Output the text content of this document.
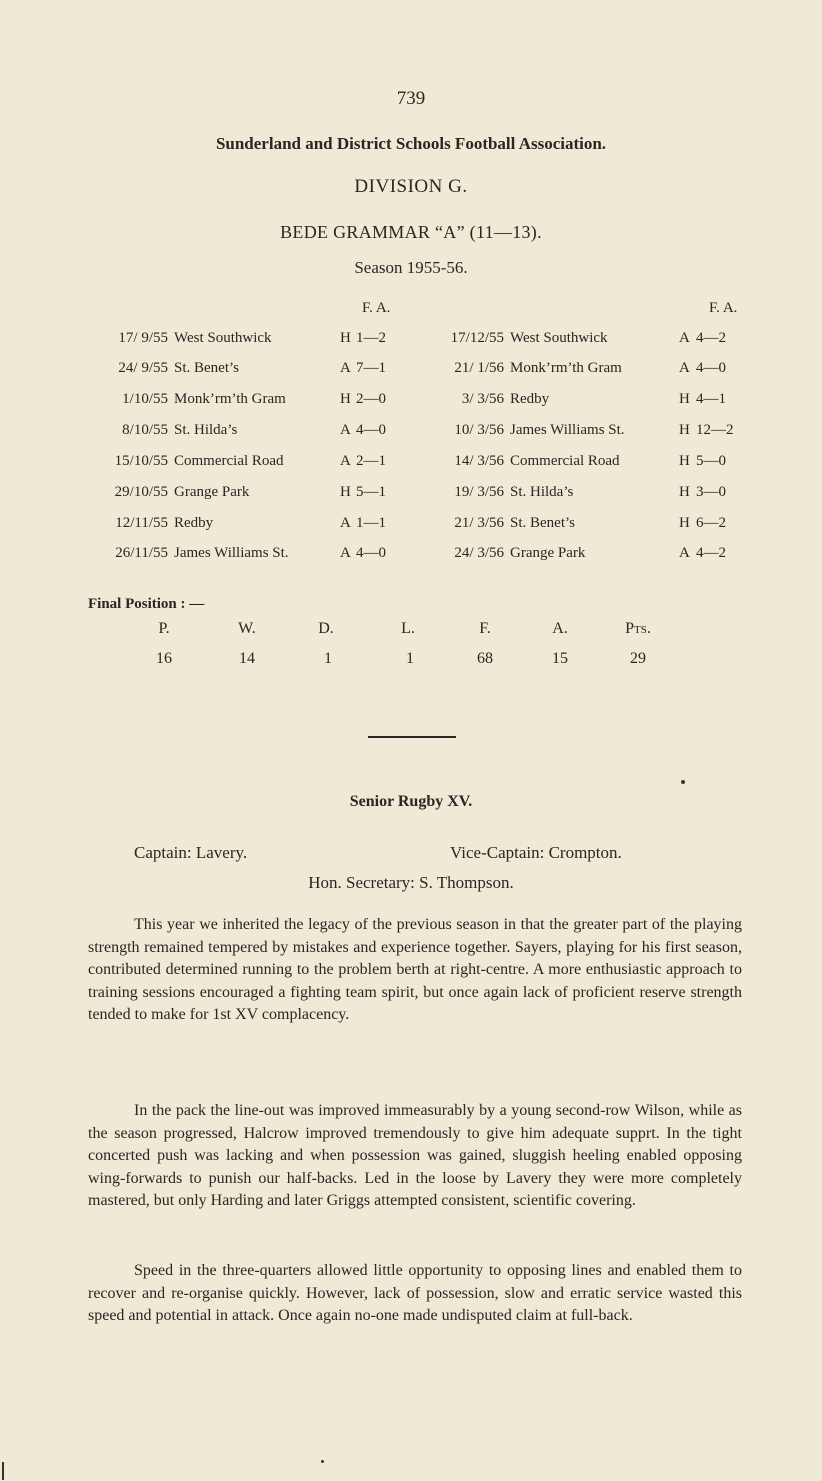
739
Sunderland and District Schools Football Association.
DIVISION G.
BEDE GRAMMAR “A” (11—13).
Season 1955-56.
F. A.	F. A.
17/ 9/55 West Southwick	H 1—2	17/12/55 West Southwick	A 4—2
24/ 9/55 St. Benet’s	A 7—1	21/ 1/56 Monk’rm’th Gram	A 4—0
1/10/55 Monk’rm’th Gram	H 2—0	3/ 3/56 Redby	H 4—1
8/10/55 St. Hilda’s	A 4—0	10/ 3/56 James Williams St.	H 12—2
15/10/55 Commercial Road	A 2—1	14/ 3/56 Commercial Road	H 5—0
29/10/55 Grange Park	H 5—1	19/ 3/56 St. Hilda’s	H 3—0
12/11/55 Redby	A 1—1	21/ 3/56 St. Benet’s	H 6—2
26/11/55 James Williams St.	A 4—0	24/ 3/56 Grange Park	A 4—2
Final Position : —
P.	W.	D.	L.	F.	A.	Pts.
16	14	1	1	68	15	29
Senior Rugby XV.
Captain: Lavery.	Vice-Captain: Crompton.
Hon. Secretary: S. Thompson.

This year we inherited the legacy of the previous season in that the greater part of the playing strength remained tempered by mistakes and experience together. Sayers, playing for his first season, contributed determined running to the problem berth at right-centre. A more enthusiastic approach to training sessions encouraged a fighting team spirit, but once again lack of proficient reserve strength tended to make for 1st XV complacency.

In the pack the line-out was improved immeasurably by a young second-row Wilson, while as the season progressed, Halcrow improved tremendously to give him adequate supprt. In the tight concerted push was lacking and when possession was gained, sluggish heeling enabled opposing wing-forwards to punish our half-backs. Led in the loose by Lavery they were more completely mastered, but only Harding and later Griggs attempted consistent, scientific covering.

Speed in the three-quarters allowed little opportunity to opposing lines and enabled them to recover and re-organise quickly. However, lack of possession, slow and erratic service wasted this speed and potential in attack. Once again no-one made undisputed claim at full-back.
